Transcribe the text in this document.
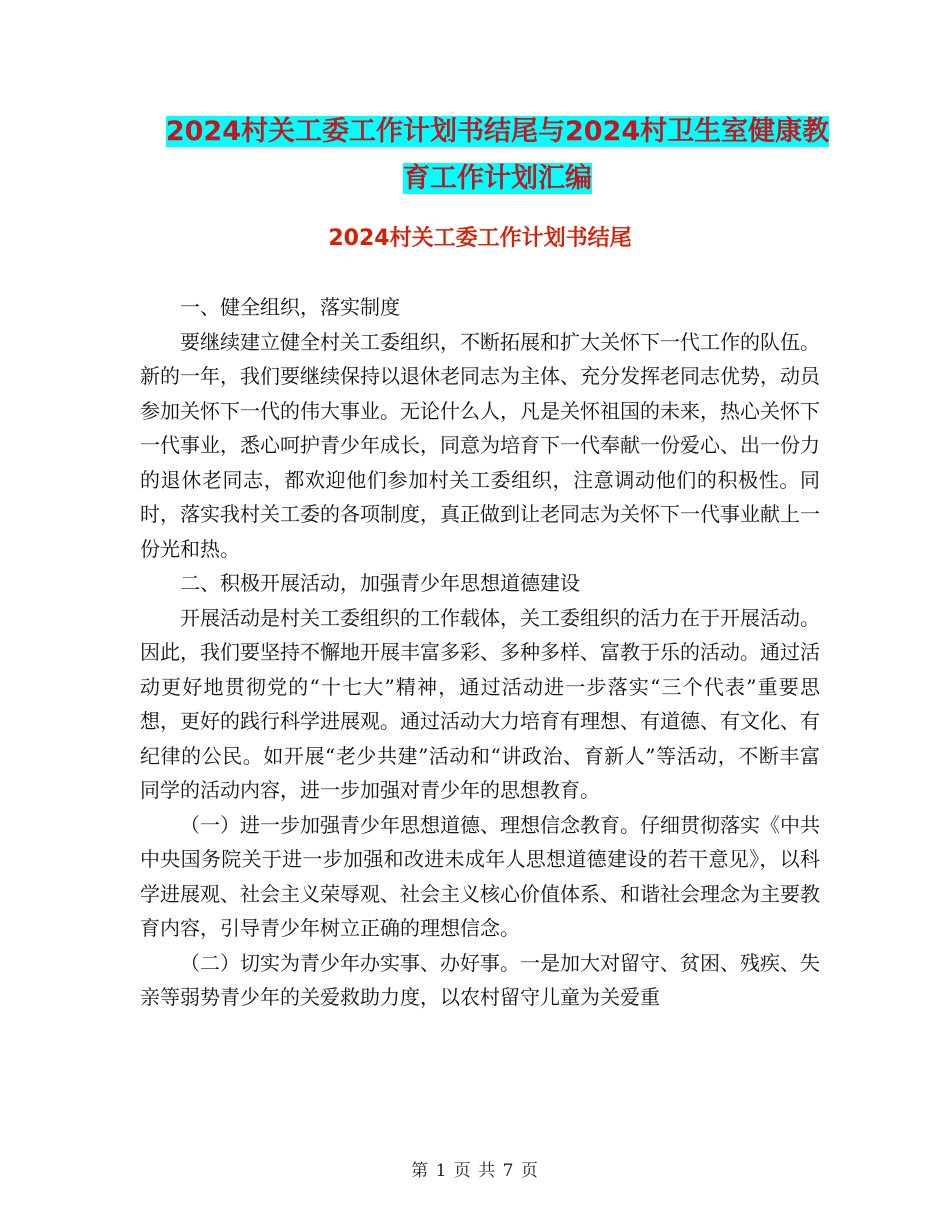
2024村关工委工作计划书结尾与2024村卫生室健康教
育工作计划汇编
2024村关工委工作计划书结尾

一、健全组织，落实制度

要继续建立健全村关工委组织，不断拓展和扩大关怀下一代工作的队伍。新的一年，我们要继续保持以退休老同志为主体、充分发挥老同志优势，动员参加关怀下一代的伟大事业。无论什么人，凡是关怀祖国的未来，热心关怀下一代事业，悉心呵护青少年成长，同意为培育下一代奉献一份爱心、出一份力的退休老同志，都欢迎他们参加村关工委组织，注意调动他们的积极性。同时，落实我村关工委的各项制度，真正做到让老同志为关怀下一代事业献上一份光和热。

二、积极开展活动，加强青少年思想道德建设

开展活动是村关工委组织的工作载体，关工委组织的活力在于开展活动。因此，我们要坚持不懈地开展丰富多彩、多种多样、富教于乐的活动。通过活动更好地贯彻党的“十七大”精神，通过活动进一步落实“三个代表”重要思想，更好的践行科学进展观。通过活动大力培育有理想、有道德、有文化、有纪律的公民。如开展“老少共建”活动和“讲政治、育新人”等活动，不断丰富同学的活动内容，进一步加强对青少年的思想教育。

（一）进一步加强青少年思想道德、理想信念教育。仔细贯彻落实《中共中央国务院关于进一步加强和改进未成年人思想道德建设的若干意见》，以科学进展观、社会主义荣辱观、社会主义核心价值体系、和谐社会理念为主要教育内容，引导青少年树立正确的理想信念。

（二）切实为青少年办实事、办好事。一是加大对留守、贫困、残疾、失亲等弱势青少年的关爱救助力度，以农村留守儿童为关爱重

第 1 页 共 7 页
